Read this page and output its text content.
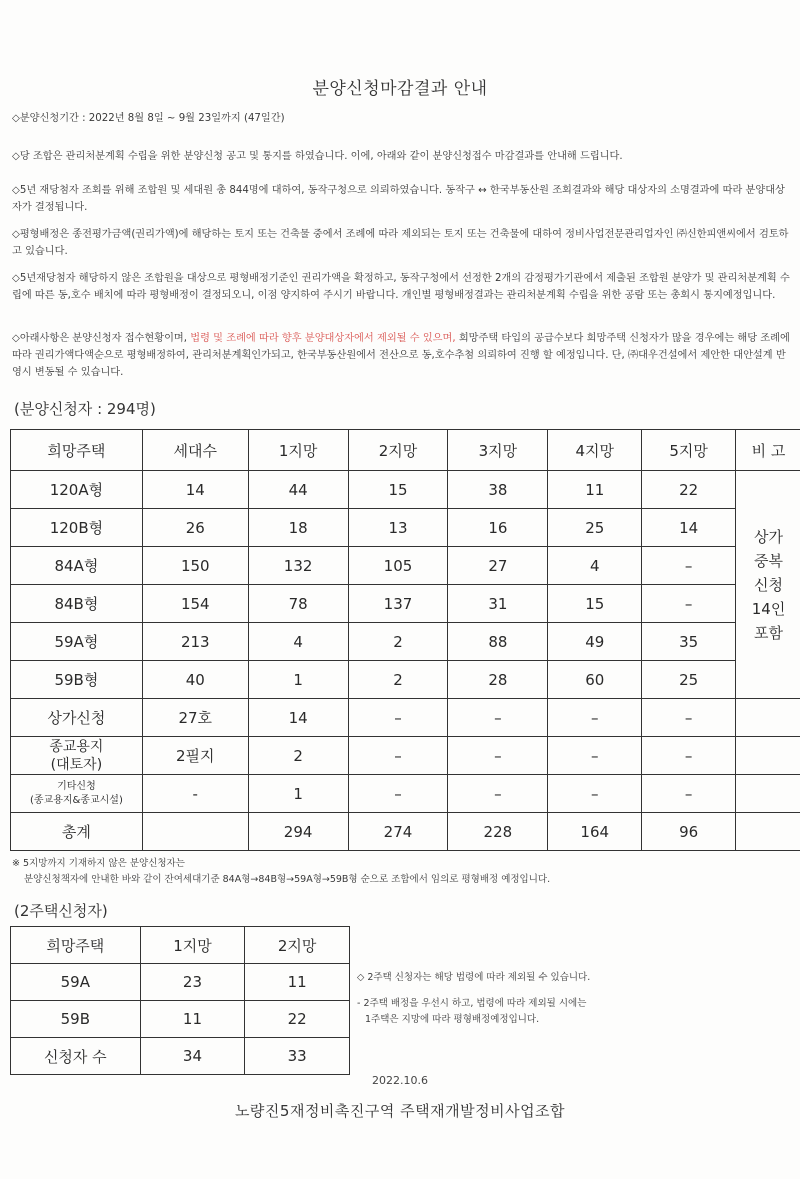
분양신청마감결과 안내
◇분양신청기간 : 2022년 8월 8일 ~ 9월 23일까지 (47일간)
◇당 조합은 관리처분계획 수립을 위한 분양신청 공고 및 통지를 하였습니다. 이에, 아래와 같이 분양신청접수 마감결과를 안내해 드립니다.
◇5년 재당첨자 조회를 위해 조합원 및 세대원 총 844명에 대하여, 동작구청으로 의뢰하였습니다. 동작구 ↔ 한국부동산원 조회결과와 해당 대상자의 소명결과에 따라 분양대상자가 결정됩니다.
◇평형배정은 종전평가금액(권리가액)에 해당하는 토지 또는 건축물 중에서 조례에 따라 제외되는 토지 또는 건축물에 대하여 정비사업전문관리업자인 ㈜신한피앤씨에서 검토하고 있습니다.
◇5년재당첨자 해당하지 않은 조합원을 대상으로 평형배정기준인 권리가액을 확정하고, 동작구청에서 선정한 2개의 감정평가기관에서 제출된 조합원 분양가 및 관리처분계획 수립에 따른 동,호수 배치에 따라 평형배정이 결정되오니, 이점 양지하여 주시기 바랍니다. 개인별 평형배정결과는 관리처분계획 수립을 위한 공람 또는 총회시 통지예정입니다.
◇아래사항은 분양신청자 접수현황이며, 법령 및 조례에 따라 향후 분양대상자에서 제외될 수 있으며, 희망주택 타입의 공급수보다 희망주택 신청자가 많을 경우에는 해당 조례에 따라 권리가액다액순으로 평형배정하여, 관리처분계획인가되고, 한국부동산원에서 전산으로 동,호수추첨 의뢰하여 진행 할 예정입니다. 단, ㈜대우건설에서 제안한 대안설계 반영시 변동될 수 있습니다.
(분양신청자 : 294명)
희망주택	세대수	1지망	2지망	3지망	4지망	5지망	비 고
120A형	14	44	15	38	11	22	상가
중복
신청
14인
포함
120B형	26	18	13	16	25	14	
84A형	150	132	105	27	4	–	
84B형	154	78	137	31	15	–	
59A형	213	4	2	88	49	35	
59B형	40	1	2	28	60	25	
상가신청	27호	14	–	–	–	–	
종교용지
(대토자)	2필지	2	–	–	–	–	
기타신청
(종교용지&종교시설)	-	1	–	–	–	–	
총계		294	274	228	164	96	
※ 5지망까지 기재하지 않은 분양신청자는
분양신청책자에 안내한 바와 같이 잔여세대기준 84A형→84B형→59A형→59B형 순으로 조합에서 임의로 평형배정 예정입니다.
(2주택신청자)
희망주택	1지망	2지망
59A	23	11
59B	11	22
신청자 수	34	33
◇ 2주택 신청자는 해당 법령에 따라 제외될 수 있습니다.
- 2주택 배정을 우선시 하고, 법령에 따라 제외될 시에는
1주택은 지망에 따라 평형배정예정입니다.
2022.10.6
노량진5재정비촉진구역 주택재개발정비사업조합
